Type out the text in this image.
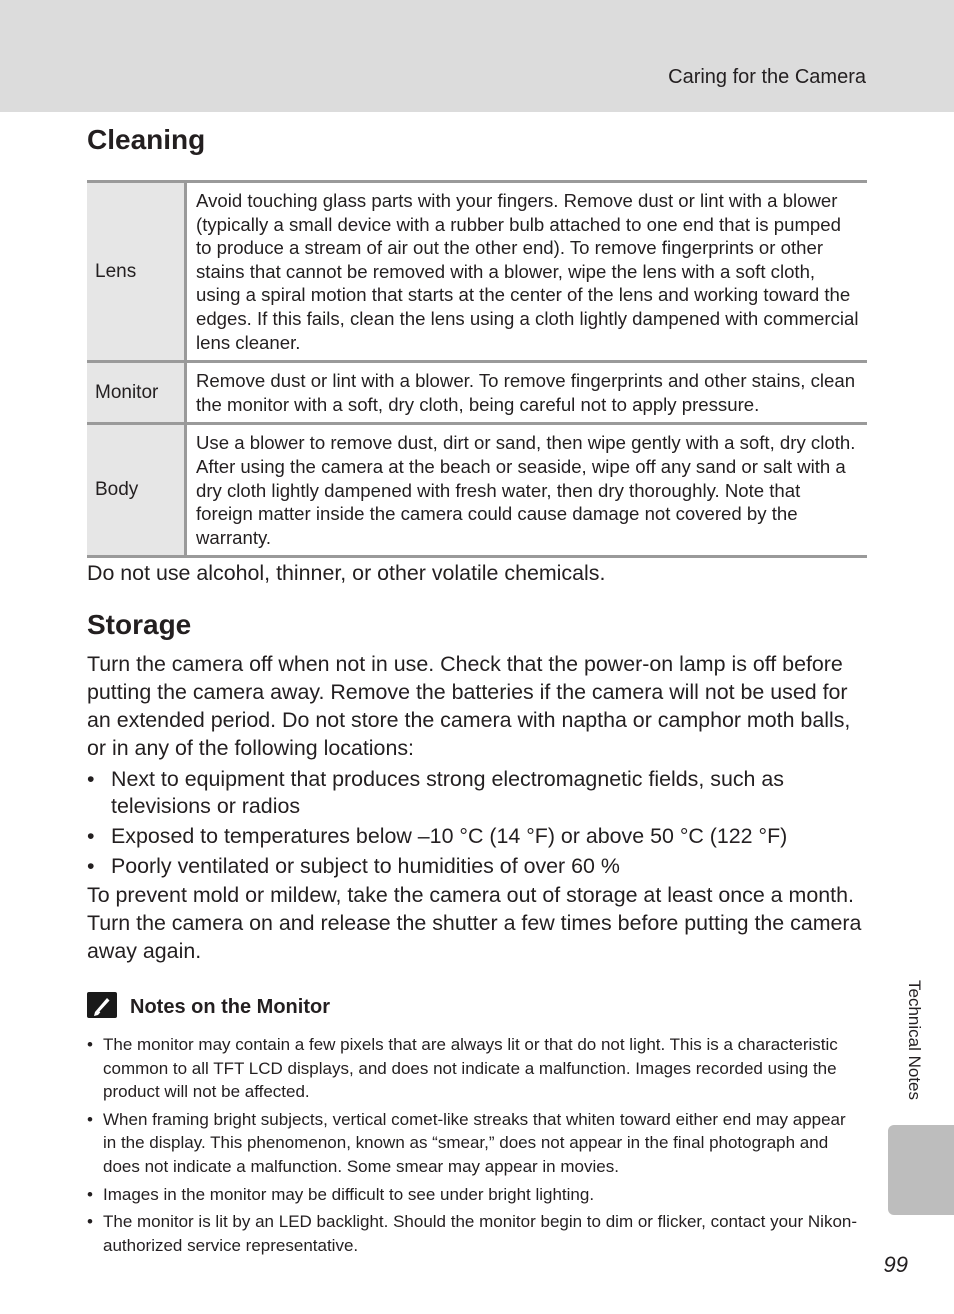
Caring for the Camera
Cleaning
Lens
Avoid touching glass parts with your fingers. Remove dust or lint with a blower (typically a small device with a rubber bulb attached to one end that is pumped to produce a stream of air out the other end). To remove fingerprints or other stains that cannot be removed with a blower, wipe the lens with a soft cloth, using a spiral motion that starts at the center of the lens and working toward the edges. If this fails, clean the lens using a cloth lightly dampened with commercial lens cleaner.
Monitor
Remove dust or lint with a blower. To remove fingerprints and other stains, clean the monitor with a soft, dry cloth, being careful not to apply pressure.
Body
Use a blower to remove dust, dirt or sand, then wipe gently with a soft, dry cloth. After using the camera at the beach or seaside, wipe off any sand or salt with a dry cloth lightly dampened with fresh water, then dry thoroughly. Note that foreign matter inside the camera could cause damage not covered by the warranty.
Do not use alcohol, thinner, or other volatile chemicals.
Storage
Turn the camera off when not in use. Check that the power-on lamp is off before putting the camera away. Remove the batteries if the camera will not be used for an extended period. Do not store the camera with naptha or camphor moth balls, or in any of the following locations:
• Next to equipment that produces strong electromagnetic fields, such as televisions or radios
• Exposed to temperatures below –10 °C (14 °F) or above 50 °C (122 °F)
• Poorly ventilated or subject to humidities of over 60 %
To prevent mold or mildew, take the camera out of storage at least once a month. Turn the camera on and release the shutter a few times before putting the camera away again.
Notes on the Monitor
• The monitor may contain a few pixels that are always lit or that do not light. This is a characteristic common to all TFT LCD displays, and does not indicate a malfunction. Images recorded using the product will not be affected.
• When framing bright subjects, vertical comet-like streaks that whiten toward either end may appear in the display. This phenomenon, known as “smear,” does not appear in the final photograph and does not indicate a malfunction. Some smear may appear in movies.
• Images in the monitor may be difficult to see under bright lighting.
• The monitor is lit by an LED backlight. Should the monitor begin to dim or flicker, contact your Nikon-authorized service representative.
Technical Notes
99
